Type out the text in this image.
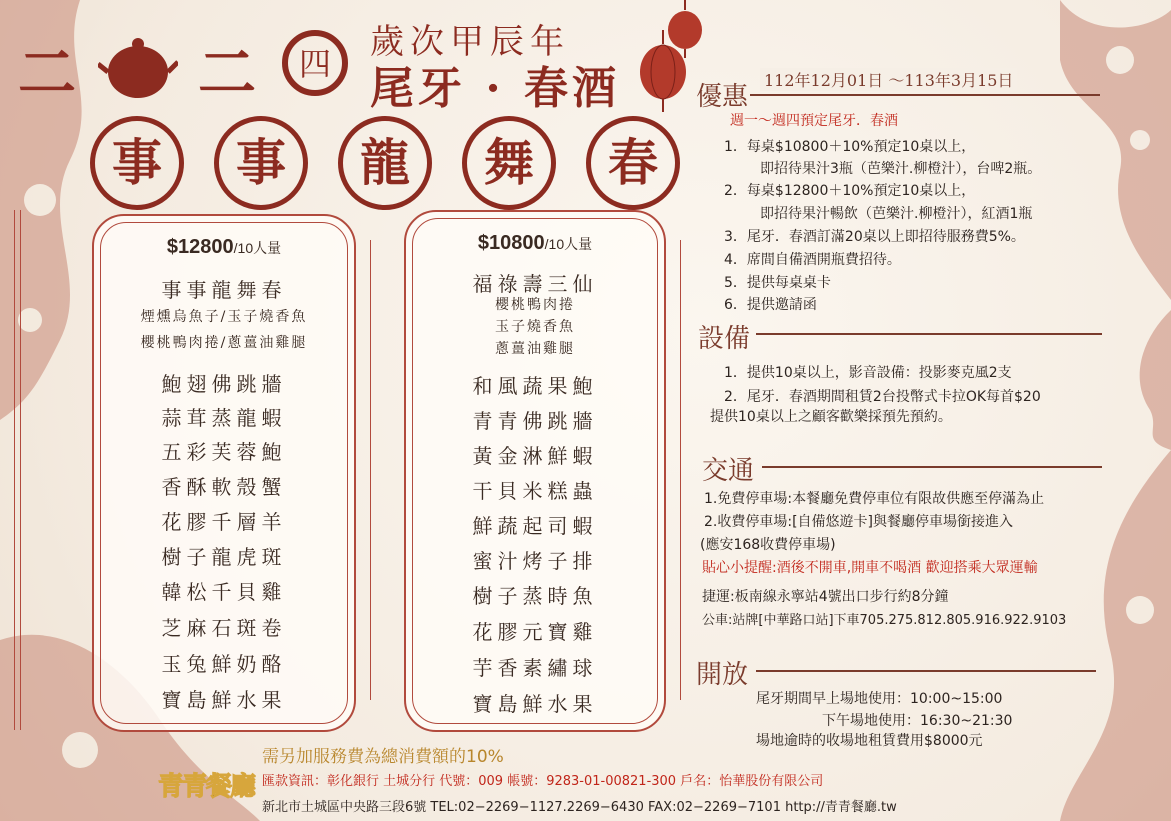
二 二 四
歲次甲辰年
尾牙 · 春酒
事	事	龍	舞	春
$12800/10人量
事事龍舞春
煙燻烏魚子/玉子燒香魚
櫻桃鴨肉捲/蔥薑油雞腿
鮑翅佛跳牆
蒜茸蒸龍蝦
五彩芙蓉鮑
香酥軟殼蟹
花膠千層羊
樹子龍虎斑
韓松千貝雞
芝麻石斑卷
玉兔鮮奶酪
寶島鮮水果
$10800/10人量
福祿壽三仙
櫻桃鴨肉捲
玉子燒香魚
蔥薑油雞腿
和風蔬果鮑
青青佛跳牆
黃金淋鮮蝦
干貝米糕蟲
鮮蔬起司蝦
蜜汁烤子排
樹子蒸時魚
花膠元寶雞
芋香素繡球
寶島鮮水果
優惠
112年12月01日 ～113年3月15日
週一～週四預定尾牙．春酒
1．每桌$10800＋10%預定10桌以上，
即招待果汁3瓶（芭樂汁.柳橙汁），台啤2瓶。
2．每桌$12800＋10%預定10桌以上，
即招待果汁暢飲（芭樂汁.柳橙汁），紅酒1瓶
3．尾牙．春酒訂滿20桌以上即招待服務費5%。
4．席間自備酒開瓶費招待。
5．提供每桌桌卡
6．提供邀請函
設備
1．提供10桌以上，影音設備：投影麥克風2支
2．尾牙．春酒期間租賃2台投幣式卡拉OK每首$20
提供10桌以上之顧客歡樂採預先預約。
交通
1.免費停車場:本餐廳免費停車位有限故供應至停滿為止
2.收費停車場:[自備悠遊卡]與餐廳停車場銜接進入
(應安168收費停車場)
貼心小提醒:酒後不開車,開車不喝酒 歡迎搭乘大眾運輸
捷運:板南線永寧站4號出口步行約8分鐘
公車:站牌[中華路口站]下車705.275.812.805.916.922.9103
開放
尾牙期間早上場地使用：10:00~15:00
下午場地使用：16:30~21:30
場地逾時的收場地租賃費用$8000元
需另加服務費為總消費額的10%
青青餐廳 匯款資訊：彰化銀行 土城分行 代號：009 帳號：9283-01-00821-300 戶名：怡華股份有限公司
新北市土城區中央路三段6號 TEL:02−2269−1127.2269−6430 FAX:02−2269−7101 http://青青餐廳.tw
